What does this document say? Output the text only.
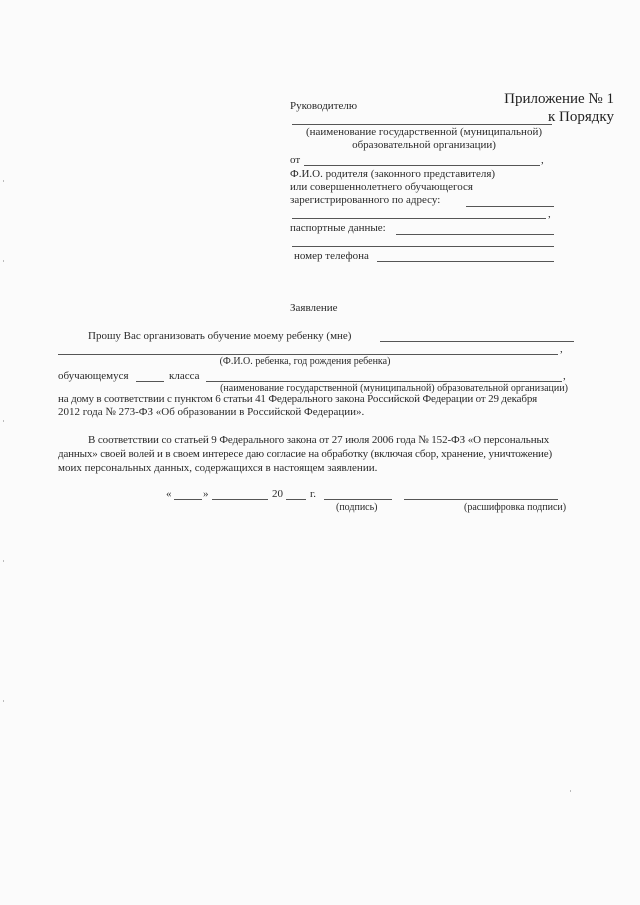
Приложение № 1
к Порядку
Руководителю
(наименование государственной (муниципальной)
образовательной организации)
от	,
Ф.И.О. родителя (законного представителя)
или совершеннолетнего обучающегося
зарегистрированного по адресу:
,
паспортные данные:
номер телефона
Заявление
Прошу Вас организовать обучение моему ребенку (мне)
,
(Ф.И.О. ребенка, год рождения ребенка)
обучающемуся	класса	,
(наименование государственной (муниципальной) образовательной организации)
на дому в соответствии с пунктом 6 статьи 41 Федерального закона Российской Федерации от 29 декабря
2012 года № 273-ФЗ «Об образовании в Российской Федерации».
В соответствии со статьей 9 Федерального закона от 27 июля 2006 года № 152-ФЗ «О персональных
данных» своей волей и в своем интересе даю согласие на обработку (включая сбор, хранение, уничтожение)
моих персональных данных, содержащихся в настоящем заявлении.
«	»	20 г.
(подпись)	(расшифровка подписи)
